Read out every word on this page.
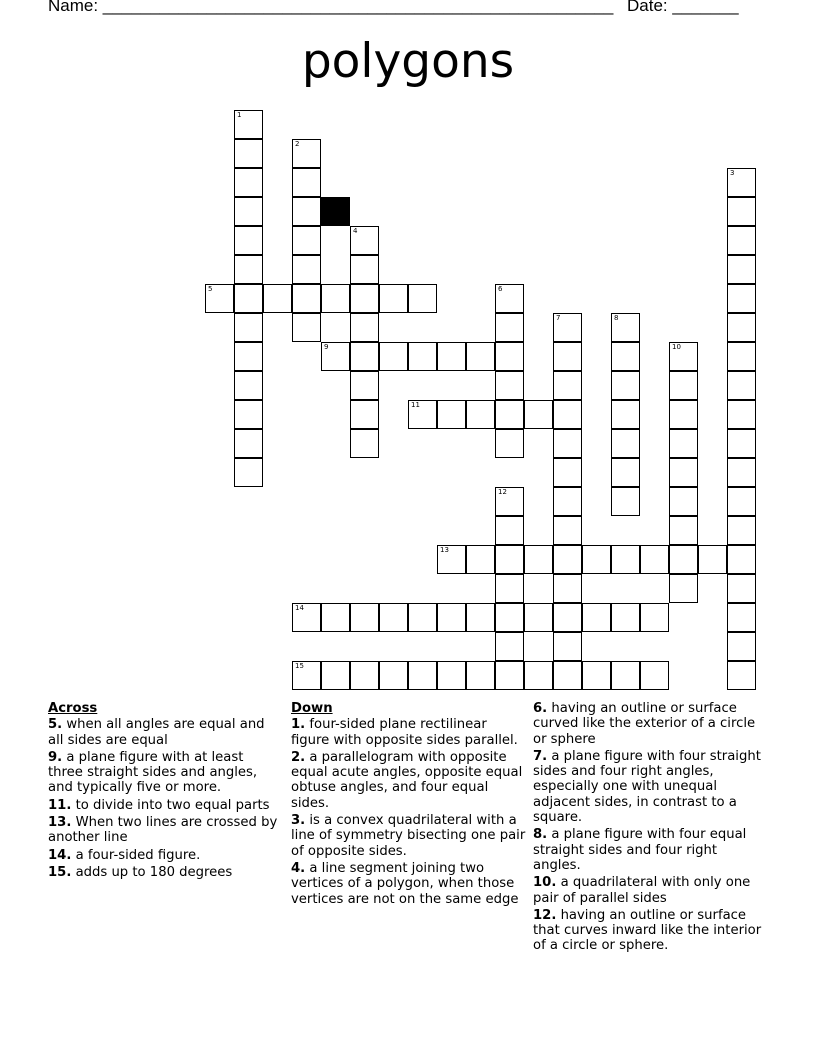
Name: ______________________________________________________ Date: _______
polygons
1
2
3
4
6
7	8
10
12
5
9
11
13
14
15
Across
5. when all angles are equal and all sides are equal
9. a plane figure with at least three straight sides and angles, and typically five or more.
11. to divide into two equal parts
13. When two lines are crossed by another line
14. a four-sided figure.
15. adds up to 180 degrees
Down
1. four-sided plane rectilinear figure with opposite sides parallel.
2. a parallelogram with opposite equal acute angles, opposite equal obtuse angles, and four equal sides.
3. is a convex quadrilateral with a line of symmetry bisecting one pair of opposite sides.
4. a line segment joining two vertices of a polygon, when those vertices are not on the same edge
6. having an outline or surface curved like the exterior of a circle or sphere
7. a plane figure with four straight sides and four right angles, especially one with unequal adjacent sides, in contrast to a square.
8. a plane figure with four equal straight sides and four right angles.
10. a quadrilateral with only one pair of parallel sides
12. having an outline or surface that curves inward like the interior of a circle or sphere.
